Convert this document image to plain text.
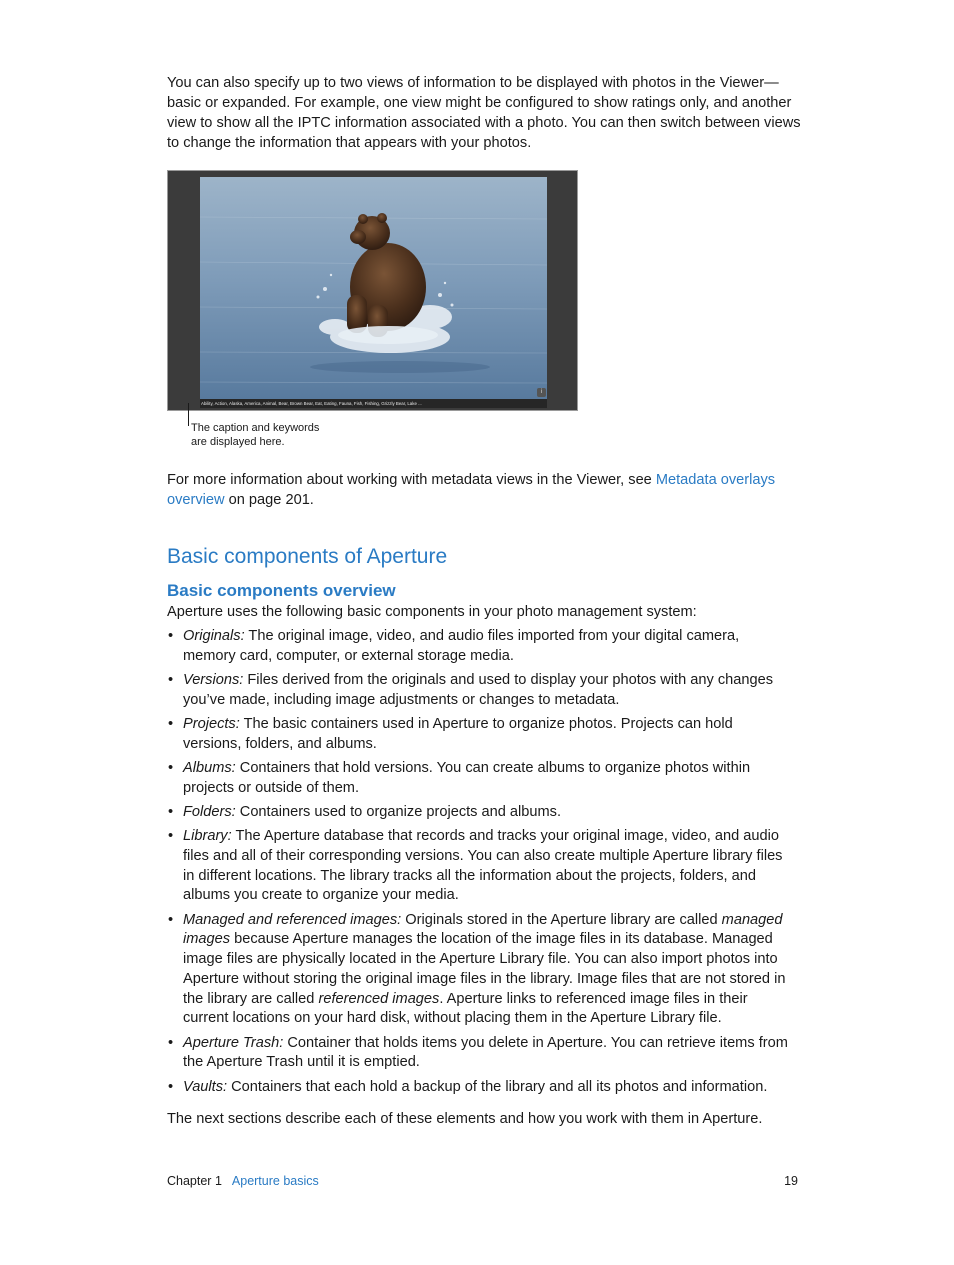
You can also specify up to two views of information to be displayed with photos in the Viewer—basic or expanded. For example, one view might be configured to show ratings only, and another view to show all the IPTC information associated with a photo. You can then switch between views to change the information that appears with your photos.

i
Ability, Action, Alaska, America, Animal, Bear, Brown Bear, Eat, Eating, Fauna, Fish, Fishing, Grizzly Bear, Lake ...

The caption and keywords
are displayed here.

For more information about working with metadata views in the Viewer, see Metadata overlays overview on page 201.

Basic components of Aperture
Basic components overview

Aperture uses the following basic components in your photo management system:

• Originals: The original image, video, and audio files imported from your digital camera, memory card, computer, or external storage media.
• Versions: Files derived from the originals and used to display your photos with any changes you’ve made, including image adjustments or changes to metadata.
• Projects: The basic containers used in Aperture to organize photos. Projects can hold versions, folders, and albums.
• Albums: Containers that hold versions. You can create albums to organize photos within projects or outside of them.
• Folders: Containers used to organize projects and albums.
• Library: The Aperture database that records and tracks your original image, video, and audio files and all of their corresponding versions. You can also create multiple Aperture library files in different locations. The library tracks all the information about the projects, folders, and albums you create to organize your media.
• Managed and referenced images: Originals stored in the Aperture library are called managed images because Aperture manages the location of the image files in its database. Managed image files are physically located in the Aperture Library file. You can also import photos into Aperture without storing the original image files in the library. Image files that are not stored in the library are called referenced images. Aperture links to referenced image files in their current locations on your hard disk, without placing them in the Aperture Library file.
• Aperture Trash: Container that holds items you delete in Aperture. You can retrieve items from the Aperture Trash until it is emptied.
• Vaults: Containers that each hold a backup of the library and all its photos and information.

The next sections describe each of these elements and how you work with them in Aperture.

Chapter 1 Aperture basics	19
